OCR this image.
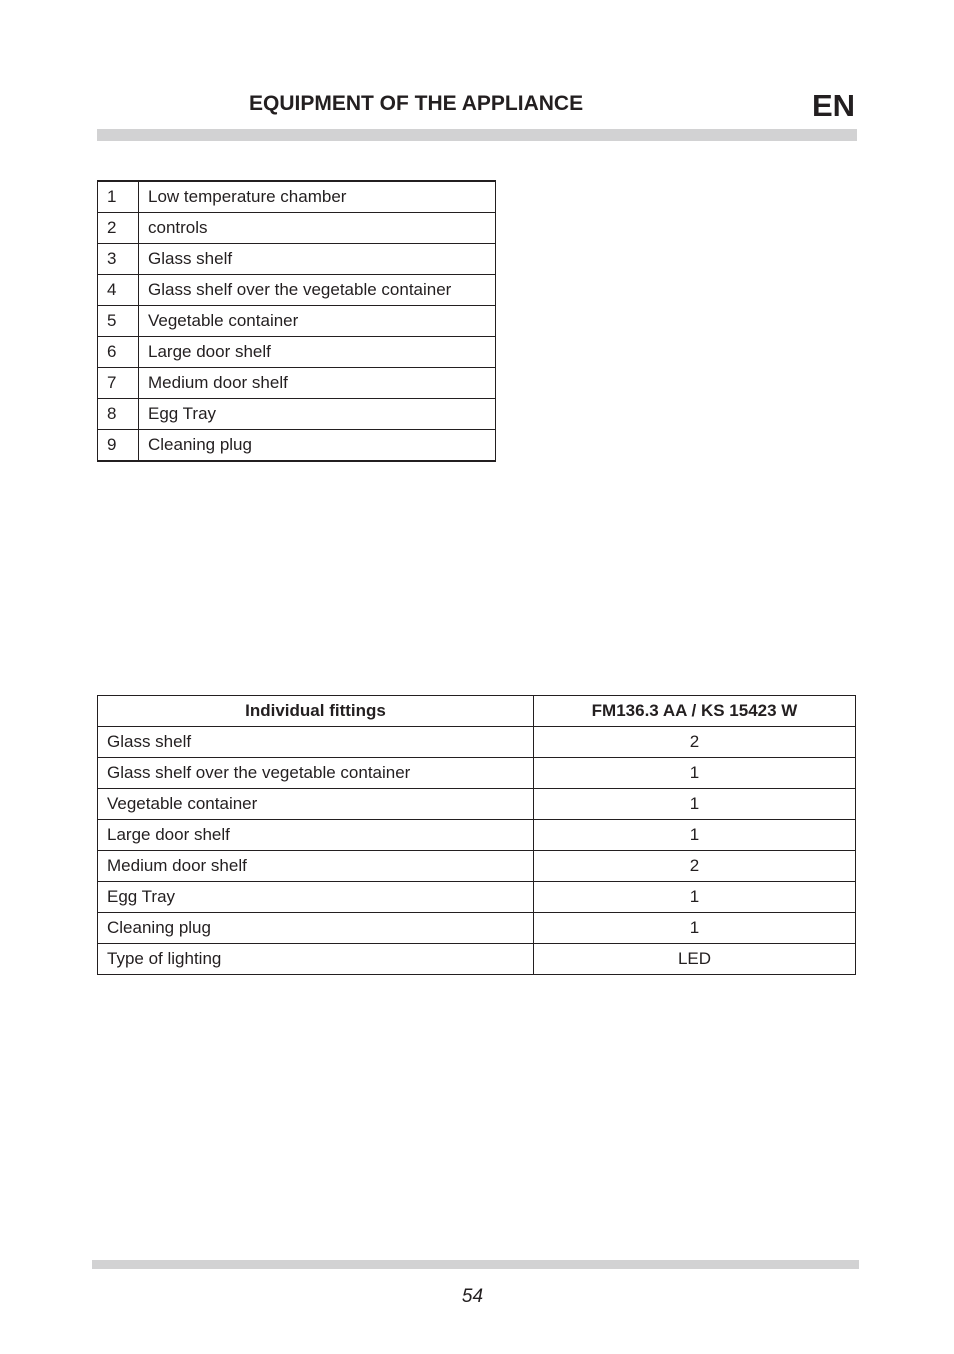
EQUIPMENT OF THE APPLIANCE	EN
1	Low temperature chamber
2	controls
3	Glass shelf
4	Glass shelf over the vegetable container
5	Vegetable container
6	Large door shelf
7	Medium door shelf
8	Egg Tray
9	Cleaning plug
Individual fittings	FM136.3 AA / KS 15423 W
Glass shelf	2
Glass shelf over the vegetable container	1
Vegetable container	1
Large door shelf	1
Medium door shelf	2
Egg Tray	1
Cleaning plug	1
Type of lighting	LED
54
